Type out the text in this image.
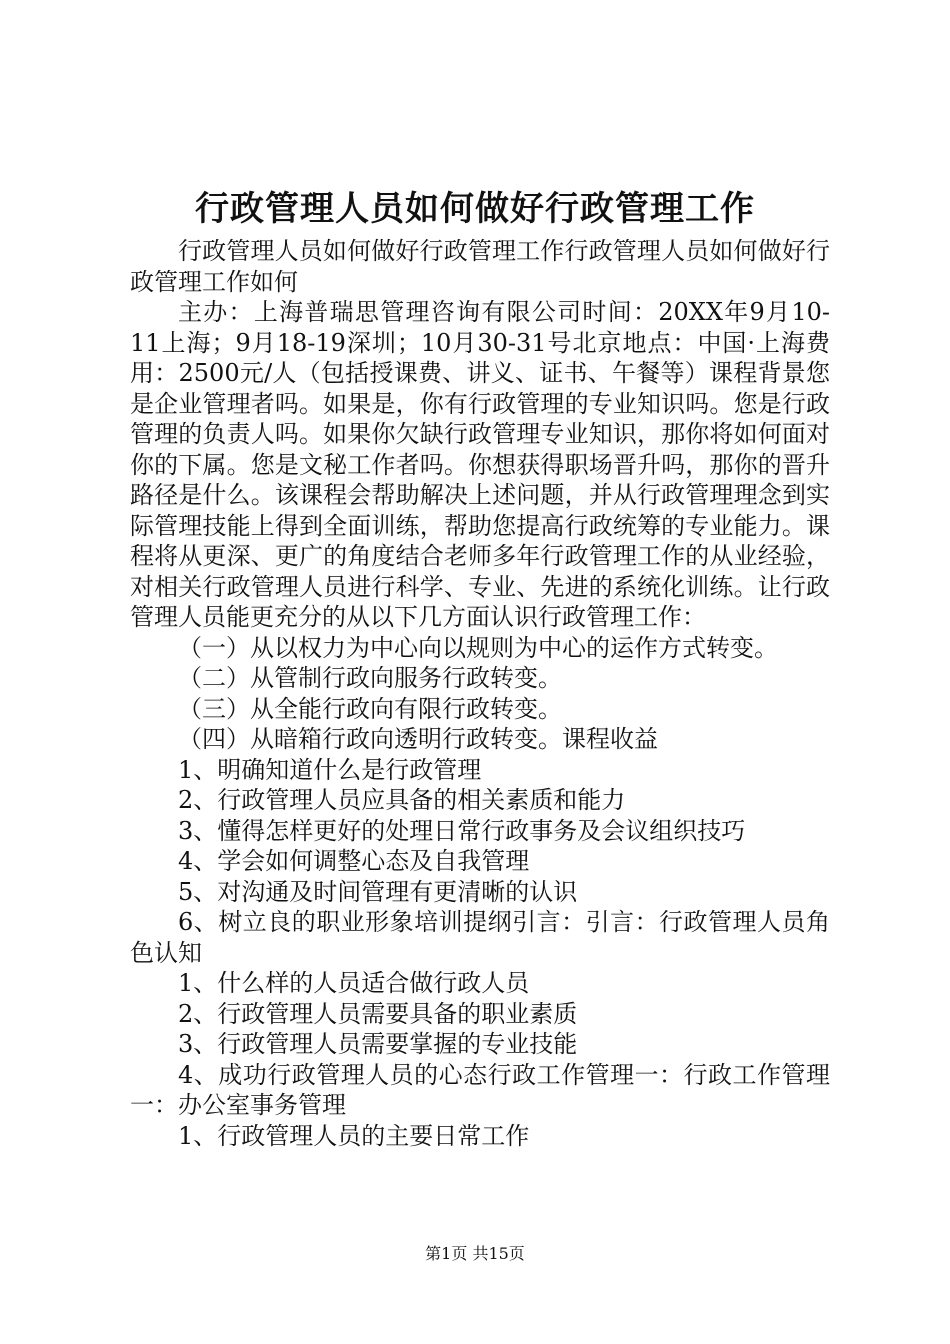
行政管理人员如何做好行政管理工作

行政管理人员如何做好行政管理工作行政管理人员如何做好行政管理工作如何

主办：上海普瑞思管理咨询有限公司时间：20XX年9月10-11上海；9月18-19深圳；10月30-31号北京地点：中国·上海费用：2500元/人（包括授课费、讲义、证书、午餐等）课程背景您是企业管理者吗。如果是，你有行政管理的专业知识吗。您是行政管理的负责人吗。如果你欠缺行政管理专业知识，那你将如何面对你的下属。您是文秘工作者吗。你想获得职场晋升吗，那你的晋升路径是什么。该课程会帮助解决上述问题，并从行政管理理念到实际管理技能上得到全面训练，帮助您提高行政统筹的专业能力。课程将从更深、更广的角度结合老师多年行政管理工作的从业经验，对相关行政管理人员进行科学、专业、先进的系统化训练。让行政管理人员能更充分的从以下几方面认识行政管理工作：

（一）从以权力为中心向以规则为中心的运作方式转变。

（二）从管制行政向服务行政转变。

（三）从全能行政向有限行政转变。

（四）从暗箱行政向透明行政转变。课程收益

1、明确知道什么是行政管理

2、行政管理人员应具备的相关素质和能力

3、懂得怎样更好的处理日常行政事务及会议组织技巧

4、学会如何调整心态及自我管理

5、对沟通及时间管理有更清晰的认识

6、树立良的职业形象培训提纲引言：引言：行政管理人员角色认知

1、什么样的人员适合做行政人员

2、行政管理人员需要具备的职业素质

3、行政管理人员需要掌握的专业技能

4、成功行政管理人员的心态行政工作管理一：行政工作管理一：办公室事务管理

1、行政管理人员的主要日常工作

第1页 共15页
